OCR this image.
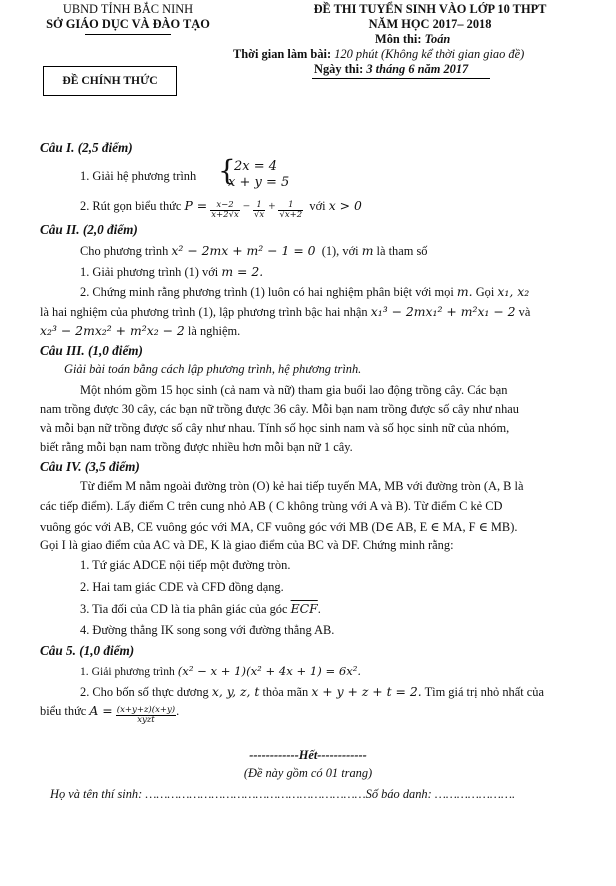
UBND TỈNH BẮC NINH
SỞ GIÁO DỤC VÀ ĐÀO TẠO
ĐỀ CHÍNH THỨC
ĐỀ THI TUYỂN SINH VÀO LỚP 10 THPT
NĂM HỌC 2017– 2018
Môn thi: Toán
Thời gian làm bài: 120 phút (Không kể thời gian giao đề)
Ngày thi: 3 tháng 6 năm 2017
Câu I. (2,5 điểm)
1. Giải hệ phương trình {
2x = 4
x + y = 5
2. Rút gọn biểu thức $P = \frac{x-2}{x+2√x} - \frac{1}{√x} + \frac{1}{√x+2}$ với x > 0
Câu II. (2,0 điểm)
Cho phương trình x² − 2mx + m² − 1 = 0 (1), với m là tham số
1. Giải phương trình (1) với m = 2.
2. Chứng minh rằng phương trình (1) luôn có hai nghiệm phân biệt với mọi m. Gọi x₁, x₂
là hai nghiệm của phương trình (1), lập phương trình bậc hai nhận x₁³ − 2mx₁² + m²x₁ − 2 và
x₂³ − 2mx₂² + m²x₂ − 2 là nghiệm.
Câu III. (1,0 điểm)
Giải bài toán bằng cách lập phương trình, hệ phương trình.
Một nhóm gồm 15 học sinh (cả nam và nữ) tham gia buổi lao động trồng cây. Các bạn
nam trồng được 30 cây, các bạn nữ trồng được 36 cây. Mỗi bạn nam trồng được số cây như nhau
và mỗi bạn nữ trồng được số cây như nhau. Tính số học sinh nam và số học sinh nữ của nhóm,
biết rằng mỗi bạn nam trồng được nhiều hơn mỗi bạn nữ 1 cây.
Câu IV. (3,5 điểm)
Từ điểm M nằm ngoài đường tròn (O) kẻ hai tiếp tuyến MA, MB với đường tròn (A, B là
các tiếp điểm). Lấy điểm C trên cung nhỏ AB ( C không trùng với A và B). Từ điểm C kẻ CD
vuông góc với AB, CE vuông góc với MA, CF vuông góc với MB (D∈ AB, E ∈ MA, F ∈ MB).
Gọi I là giao điểm của AC và DE, K là giao điểm của BC và DF. Chứng minh rằng:
1. Tứ giác ADCE nội tiếp một đường tròn.
2. Hai tam giác CDE và CFD đồng dạng.
3. Tia đối của CD là tia phân giác của góc $\overline{ECF}$.
4. Đường thẳng IK song song với đường thẳng AB.
Câu 5. (1,0 điểm)
1. Giải phương trình (x² − x + 1)(x² + 4x + 1) = 6x².
2. Cho bốn số thực dương x, y, z, t thỏa mãn x + y + z + t = 2. Tìm giá trị nhỏ nhất của
biểu thức $A = \frac{(x+y+z)(x+y)}{\text{xyzt}}$ .
------------Hết------------
(Đề này gồm có 01 trang)
Họ và tên thí sinh: ……………………………………………………Số báo danh: ………………….
